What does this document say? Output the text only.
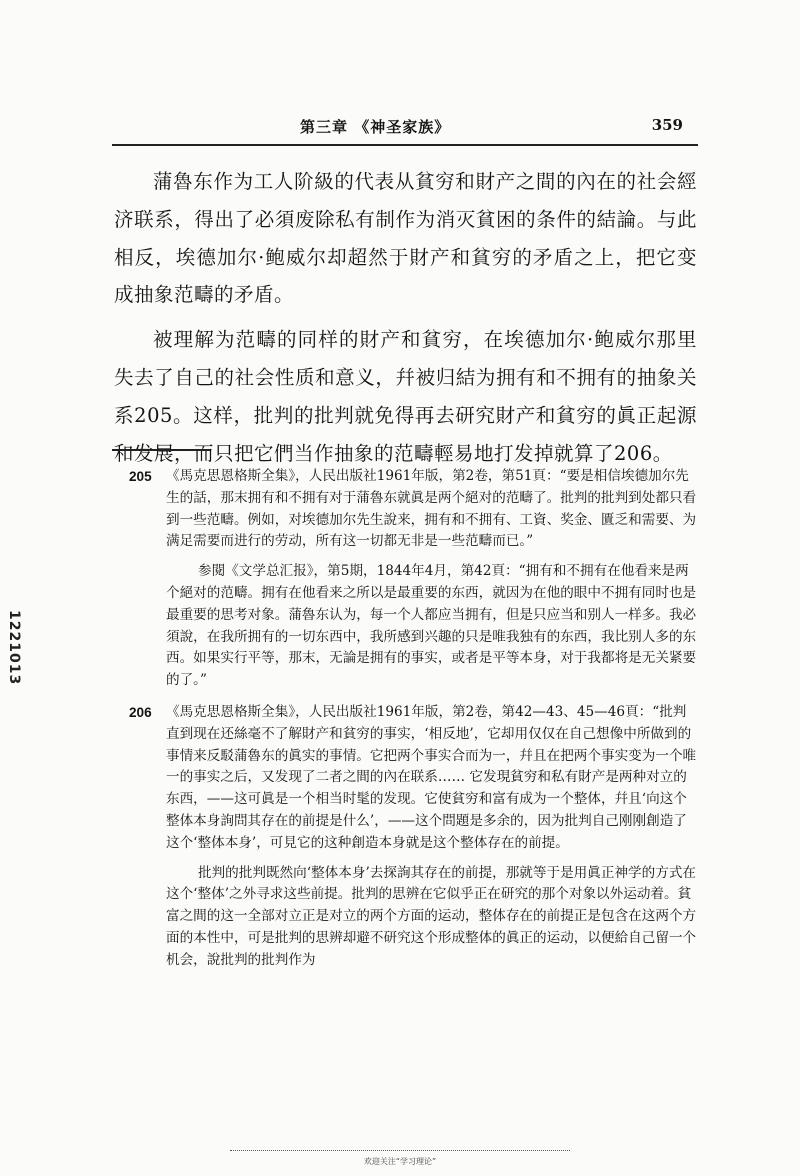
第三章 《神圣家族》	359

蒲魯东作为工人阶級的代表从貧穷和財产之間的內在的社会經济联系，得出了必須废除私有制作为消灭貧困的条件的結論。与此相反，埃德加尔·鲍威尔却超然于財产和貧穷的矛盾之上，把它变成抽象范疇的矛盾。

被理解为范疇的同样的財产和貧穷，在埃德加尔·鲍威尔那里失去了自己的社会性质和意义，幷被归結为拥有和不拥有的抽象关系205。这样，批判的批判就免得再去研究財产和貧穷的眞正起源和发展，而只把它們当作抽象的范疇輕易地打发掉就算了206。

205 《馬克思恩格斯全集》，人民出版社1961年版，第2卷，第51頁：“要是相信埃德加尔先生的話，那末拥有和不拥有对于蒲魯东就眞是两个絕对的范疇了。批判的批判到处都只看到一些范疇。例如，对埃德加尔先生說来，拥有和不拥有、工資、奖金、匱乏和需要、为满足需要而进行的劳动，所有这一切都无非是一些范疇而已。”
参閱《文学总汇报》，第5期，1844年4月，第42頁：“拥有和不拥有在他看来是两个絕对的范疇。拥有在他看来之所以是最重要的东西，就因为在他的眼中不拥有同时也是最重要的思考对象。蒲魯东认为，每一个人都应当拥有，但是只应当和别人一样多。我必須說，在我所拥有的一切东西中，我所感到兴趣的只是唯我独有的东西，我比别人多的东西。如果实行平等，那末，无論是拥有的事实，或者是平等本身，对于我都将是无关紧要的了。”
206 《馬克思恩格斯全集》，人民出版社1961年版，第2卷，第42—43、45—46頁：“批判直到现在还絲毫不了解財产和貧穷的事实，‘相反地’，它却用仅仅在自己想像中所做到的事情来反駁蒲魯东的眞实的事情。它把两个事实合而为一，幷且在把两个事实变为一个唯一的事实之后，又发现了二者之間的內在联系…… 它发現貧穷和私有財产是两种对立的东西，——这可眞是一个相当时髦的发现。它使貧穷和富有成为一个整体，幷且‘向这个整体本身詢問其存在的前提是什么’，——这个問題是多余的，因为批判自己刚刚創造了这个‘整体本身’，可見它的这种創造本身就是这个整体存在的前提。
批判的批判既然向‘整体本身’去探詢其存在的前提，那就等于是用眞正神学的方式在这个‘整体’之外寻求这些前提。批判的思辨在它似乎正在研究的那个对象以外运动着。貧富之間的这一全部对立正是对立的两个方面的运动，整体存在的前提正是包含在这两个方面的本性中，可是批判的思辨却避不研究这个形成整体的眞正的运动，以便給自己留一个机会，說批判的批判作为
1221013
欢迎关注“学习理论”
